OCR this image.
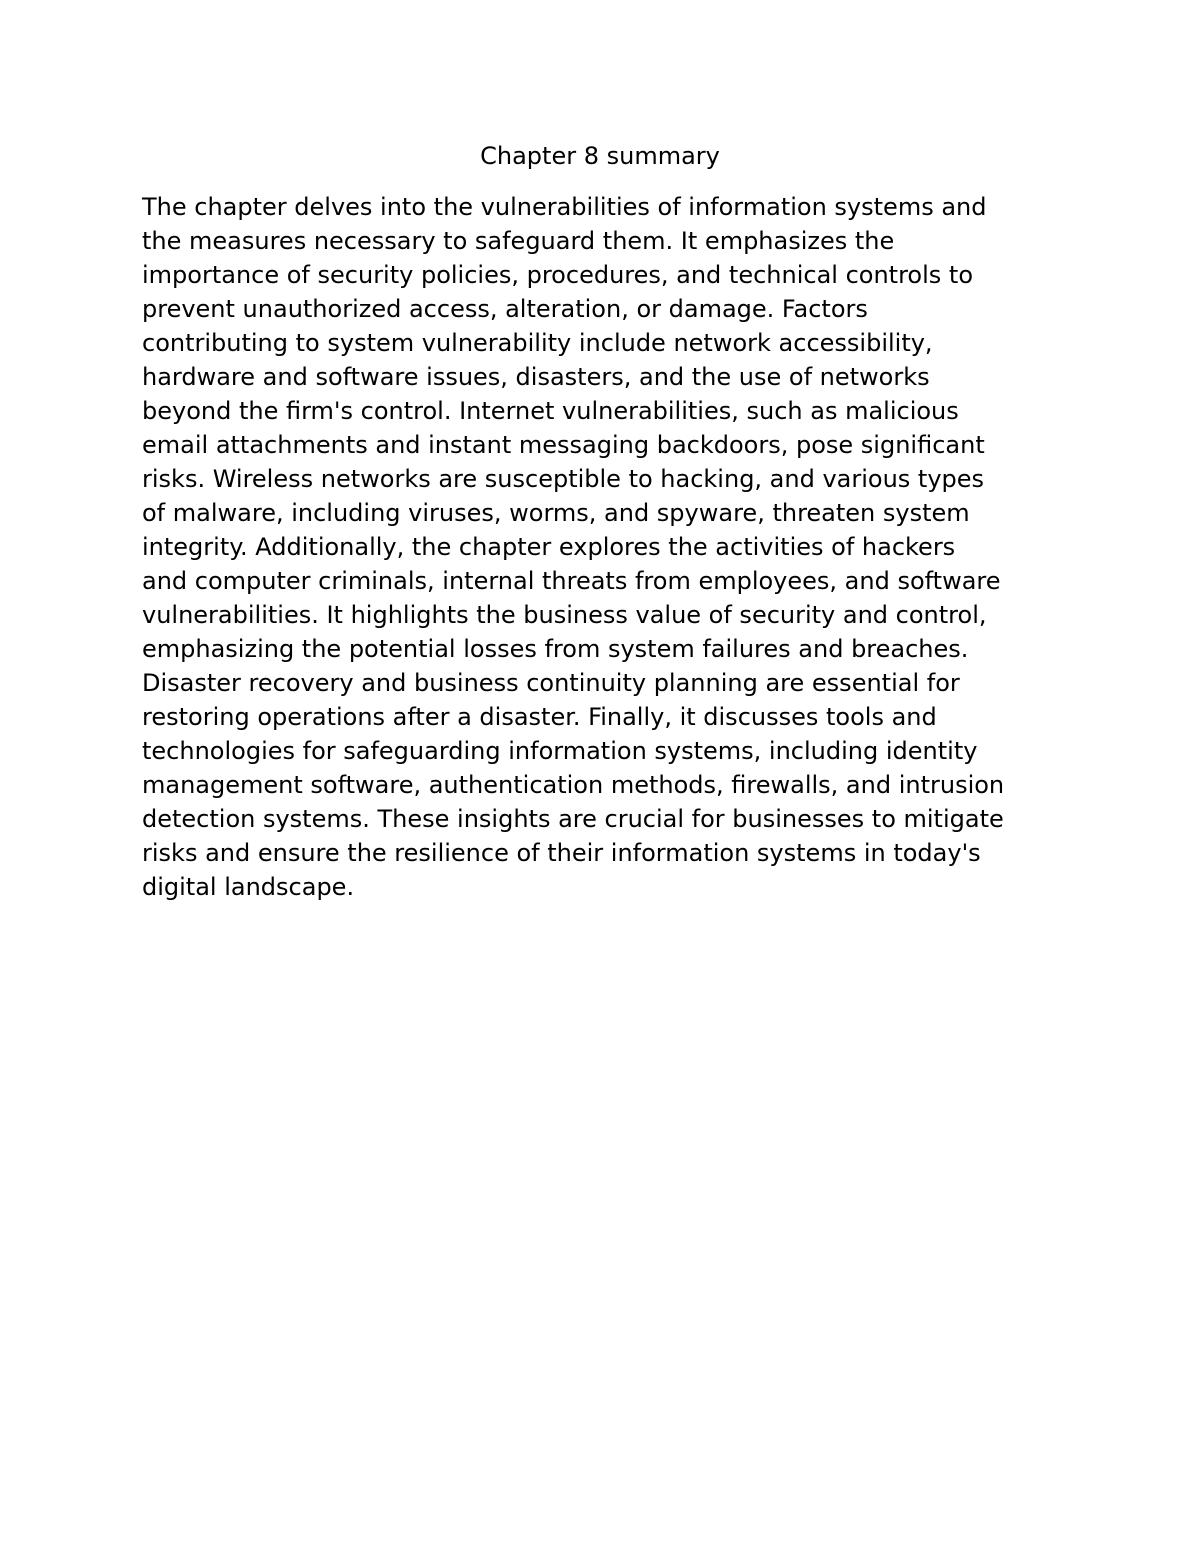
Chapter 8 summary

The chapter delves into the vulnerabilities of information systems and
the measures necessary to safeguard them. It emphasizes the
importance of security policies, procedures, and technical controls to
prevent unauthorized access, alteration, or damage. Factors
contributing to system vulnerability include network accessibility,
hardware and software issues, disasters, and the use of networks
beyond the firm's control. Internet vulnerabilities, such as malicious
email attachments and instant messaging backdoors, pose significant
risks. Wireless networks are susceptible to hacking, and various types
of malware, including viruses, worms, and spyware, threaten system
integrity. Additionally, the chapter explores the activities of hackers
and computer criminals, internal threats from employees, and software
vulnerabilities. It highlights the business value of security and control,
emphasizing the potential losses from system failures and breaches.
Disaster recovery and business continuity planning are essential for
restoring operations after a disaster. Finally, it discusses tools and
technologies for safeguarding information systems, including identity
management software, authentication methods, firewalls, and intrusion
detection systems. These insights are crucial for businesses to mitigate
risks and ensure the resilience of their information systems in today's
digital landscape.
